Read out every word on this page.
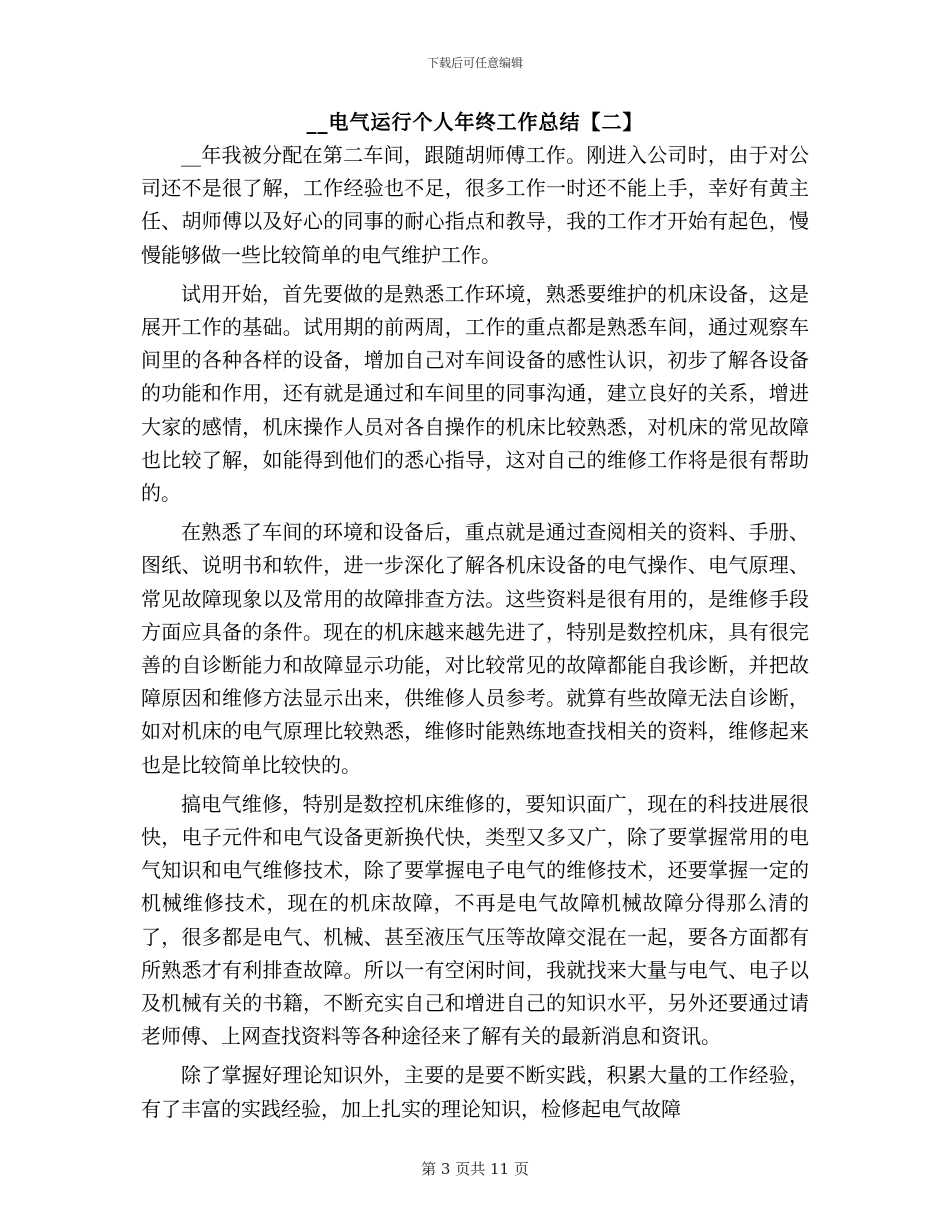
下载后可任意编辑
__电气运行个人年终工作总结【二】

__年我被分配在第二车间，跟随胡师傅工作。刚进入公司时，由于对公司还不是很了解，工作经验也不足，很多工作一时还不能上手，幸好有黄主任、胡师傅以及好心的同事的耐心指点和教导，我的工作才开始有起色，慢慢能够做一些比较简单的电气维护工作。

试用开始，首先要做的是熟悉工作环境，熟悉要维护的机床设备，这是展开工作的基础。试用期的前两周，工作的重点都是熟悉车间，通过观察车间里的各种各样的设备，增加自己对车间设备的感性认识，初步了解各设备的功能和作用，还有就是通过和车间里的同事沟通，建立良好的关系，增进大家的感情，机床操作人员对各自操作的机床比较熟悉，对机床的常见故障也比较了解，如能得到他们的悉心指导，这对自己的维修工作将是很有帮助的。

在熟悉了车间的环境和设备后，重点就是通过查阅相关的资料、手册、图纸、说明书和软件，进一步深化了解各机床设备的电气操作、电气原理、常见故障现象以及常用的故障排查方法。这些资料是很有用的，是维修手段方面应具备的条件。现在的机床越来越先进了，特别是数控机床，具有很完善的自诊断能力和故障显示功能，对比较常见的故障都能自我诊断，并把故障原因和维修方法显示出来，供维修人员参考。就算有些故障无法自诊断，如对机床的电气原理比较熟悉，维修时能熟练地查找相关的资料，维修起来也是比较简单比较快的。

搞电气维修，特别是数控机床维修的，要知识面广，现在的科技进展很快，电子元件和电气设备更新换代快，类型又多又广，除了要掌握常用的电气知识和电气维修技术，除了要掌握电子电气的维修技术，还要掌握一定的机械维修技术，现在的机床故障，不再是电气故障机械故障分得那么清的了，很多都是电气、机械、甚至液压气压等故障交混在一起，要各方面都有所熟悉才有利排查故障。所以一有空闲时间，我就找来大量与电气、电子以及机械有关的书籍，不断充实自己和增进自己的知识水平，另外还要通过请老师傅、上网查找资料等各种途径来了解有关的最新消息和资讯。

除了掌握好理论知识外，主要的是要不断实践，积累大量的工作经验，有了丰富的实践经验，加上扎实的理论知识，检修起电气故障

第 3 页共 11 页
